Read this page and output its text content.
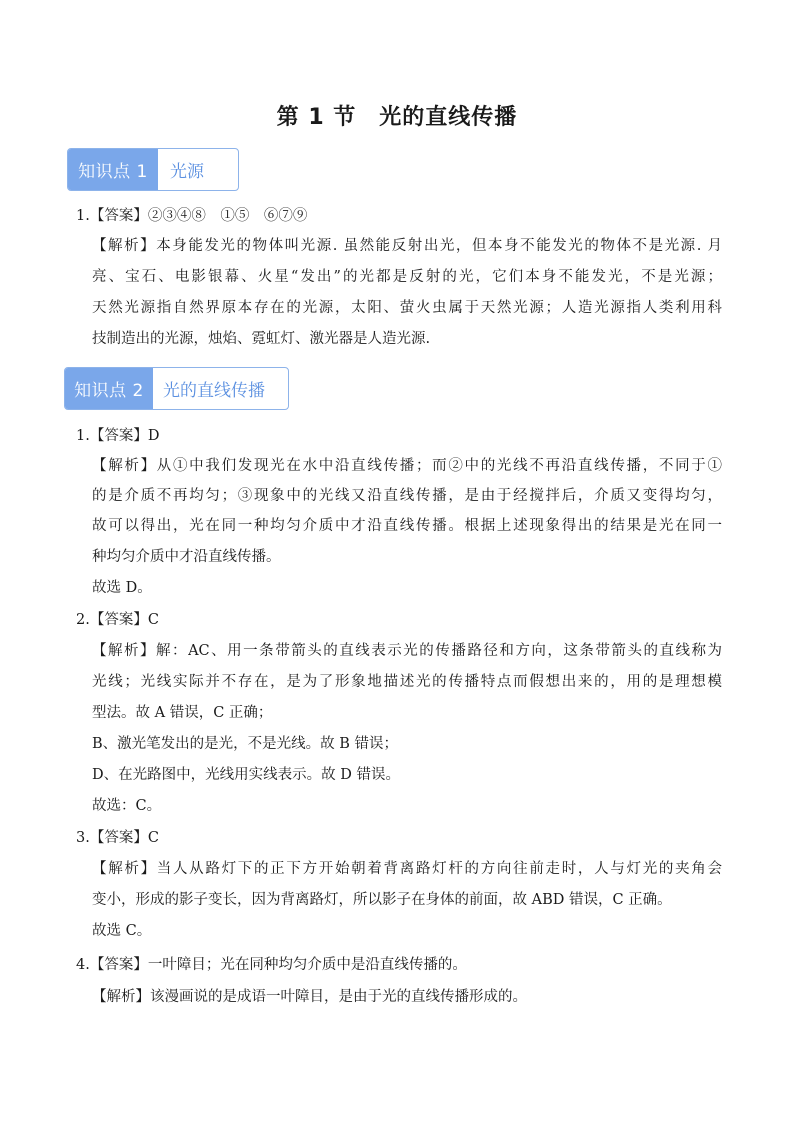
第 1 节　光的直线传播
知识点 1	光源
1.【答案】②③④⑧　①⑤　⑥⑦⑨
【解析】本身能发光的物体叫光源. 虽然能反射出光，但本身不能发光的物体不是光源. 月
亮、宝石、电影银幕、火星“发出”的光都是反射的光，它们本身不能发光，不是光源；
天然光源指自然界原本存在的光源，太阳、萤火虫属于天然光源；人造光源指人类利用科
技制造出的光源，烛焰、霓虹灯、激光器是人造光源.
知识点 2	光的直线传播
1.【答案】D
【解析】从①中我们发现光在水中沿直线传播；而②中的光线不再沿直线传播，不同于①
的是介质不再均匀；③现象中的光线又沿直线传播，是由于经搅拌后，介质又变得均匀，
故可以得出，光在同一种均匀介质中才沿直线传播。根据上述现象得出的结果是光在同一
种均匀介质中才沿直线传播。
故选 D。
2.【答案】C
【解析】解：AC、用一条带箭头的直线表示光的传播路径和方向，这条带箭头的直线称为
光线；光线实际并不存在，是为了形象地描述光的传播特点而假想出来的，用的是理想模
型法。故 A 错误，C 正确；
B、激光笔发出的是光，不是光线。故 B 错误；
D、在光路图中，光线用实线表示。故 D 错误。
故选：C。
3.【答案】C
【解析】当人从路灯下的正下方开始朝着背离路灯杆的方向往前走时，人与灯光的夹角会
变小，形成的影子变长，因为背离路灯，所以影子在身体的前面，故 ABD 错误，C 正确。
故选 C。
4.【答案】一叶障目；光在同种均匀介质中是沿直线传播的。
【解析】该漫画说的是成语一叶障目，是由于光的直线传播形成的。
